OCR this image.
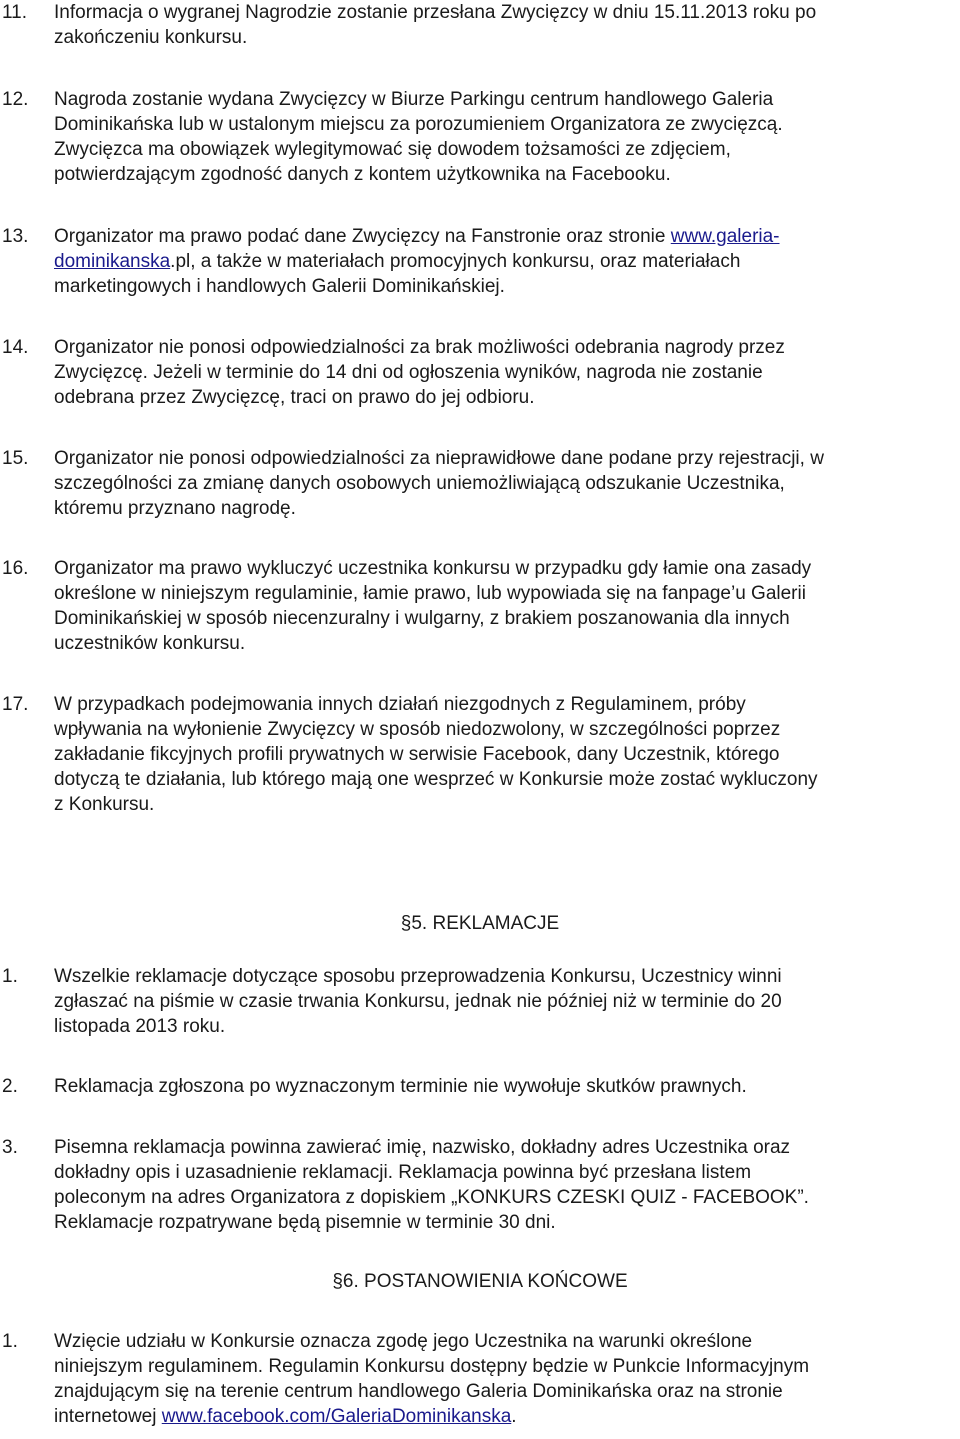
11. Informacja o wygranej Nagrodzie zostanie przesłana Zwycięzcy w dniu 15.11.2013 roku po

zakończeniu konkursu.

12. Nagroda zostanie wydana Zwycięzcy w Biurze Parkingu centrum handlowego Galeria

Dominikańska lub w ustalonym miejscu za porozumieniem Organizatora ze zwycięzcą.

Zwycięzca ma obowiązek wylegitymować się dowodem tożsamości ze zdjęciem,

potwierdzającym zgodność danych z kontem użytkownika na Facebooku.

13. Organizator ma prawo podać dane Zwycięzcy na Fanstronie oraz stronie www.galeria-

dominikanska.pl, a także w materiałach promocyjnych konkursu, oraz materiałach

marketingowych i handlowych Galerii Dominikańskiej.

14. Organizator nie ponosi odpowiedzialności za brak możliwości odebrania nagrody przez

Zwycięzcę. Jeżeli w terminie do 14 dni od ogłoszenia wyników, nagroda nie zostanie

odebrana przez Zwycięzcę, traci on prawo do jej odbioru.

15. Organizator nie ponosi odpowiedzialności za nieprawidłowe dane podane przy rejestracji, w

szczególności za zmianę danych osobowych uniemożliwiającą odszukanie Uczestnika,

któremu przyznano nagrodę.

16. Organizator ma prawo wykluczyć uczestnika konkursu w przypadku gdy łamie ona zasady

określone w niniejszym regulaminie, łamie prawo, lub wypowiada się na fanpage’u Galerii

Dominikańskiej w sposób niecenzuralny i wulgarny, z brakiem poszanowania dla innych

uczestników konkursu.

17. W przypadkach podejmowania innych działań niezgodnych z Regulaminem, próby

wpływania na wyłonienie Zwycięzcy w sposób niedozwolony, w szczególności poprzez

zakładanie fikcyjnych profili prywatnych w serwisie Facebook, dany Uczestnik, którego

dotyczą te działania, lub którego mają one wesprzeć w Konkursie może zostać wykluczony

z Konkursu.

§5. REKLAMACJE
1. Wszelkie reklamacje dotyczące sposobu przeprowadzenia Konkursu, Uczestnicy winni

zgłaszać na piśmie w czasie trwania Konkursu, jednak nie później niż w terminie do 20

listopada 2013 roku.

2. Reklamacja zgłoszona po wyznaczonym terminie nie wywołuje skutków prawnych.

3. Pisemna reklamacja powinna zawierać imię, nazwisko, dokładny adres Uczestnika oraz

dokładny opis i uzasadnienie reklamacji. Reklamacja powinna być przesłana listem

poleconym na adres Organizatora z dopiskiem „KONKURS CZESKI QUIZ - FACEBOOK”.

Reklamacje rozpatrywane będą pisemnie w terminie 30 dni.

§6. POSTANOWIENIA KOŃCOWE
1. Wzięcie udziału w Konkursie oznacza zgodę jego Uczestnika na warunki określone

niniejszym regulaminem. Regulamin Konkursu dostępny będzie w Punkcie Informacyjnym

znajdującym się na terenie centrum handlowego Galeria Dominikańska oraz na stronie

internetowej www.facebook.com/GaleriaDominikanska.
